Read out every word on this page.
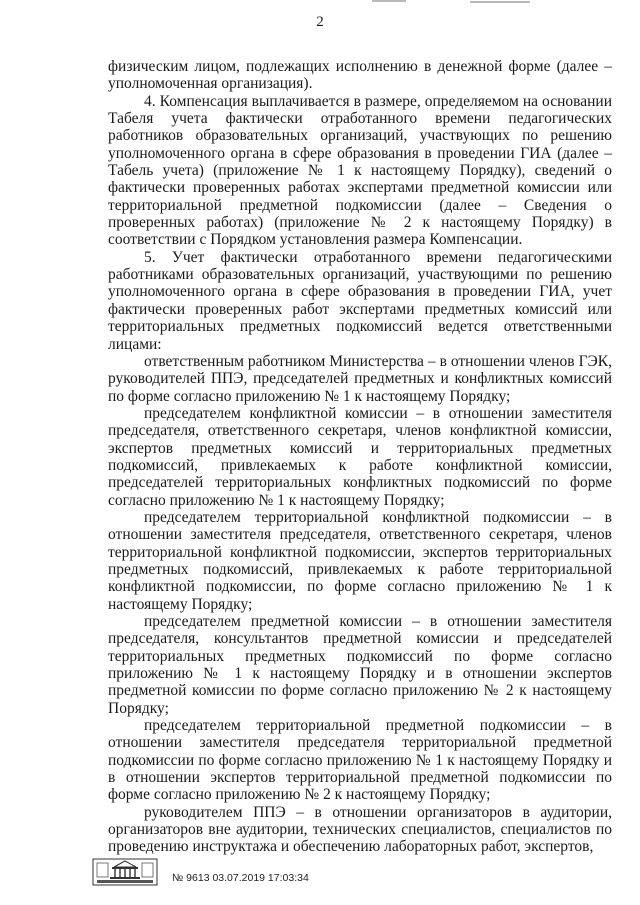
2

физическим лицом, подлежащих исполнению в денежной форме (далее – уполномоченная организация).

4. Компенсация выплачивается в размере, определяемом на основании Табеля учета фактически отработанного времени педагогических работников образовательных организаций, участвующих по решению уполномоченного органа в сфере образования в проведении ГИА (далее – Табель учета) (приложение № 1 к настоящему Порядку), сведений о фактически проверенных работах экспертами предметной комиссии или территориальной предметной подкомиссии (далее – Сведения о проверенных работах) (приложение № 2 к настоящему Порядку) в соответствии с Порядком установления размера Компенсации.

5. Учет фактически отработанного времени педагогическими работниками образовательных организаций, участвующими по решению уполномоченного органа в сфере образования в проведении ГИА, учет фактически проверенных работ экспертами предметных комиссий или территориальных предметных подкомиссий ведется ответственными лицами:

ответственным работником Министерства – в отношении членов ГЭК, руководителей ППЭ, председателей предметных и конфликтных комиссий по форме согласно приложению № 1 к настоящему Порядку;

председателем конфликтной комиссии – в отношении заместителя председателя, ответственного секретаря, членов конфликтной комиссии, экспертов предметных комиссий и территориальных предметных подкомиссий, привлекаемых к работе конфликтной комиссии, председателей территориальных конфликтных подкомиссий по форме согласно приложению № 1 к настоящему Порядку;

председателем территориальной конфликтной подкомиссии – в отношении заместителя председателя, ответственного секретаря, членов территориальной конфликтной подкомиссии, экспертов территориальных предметных подкомиссий, привлекаемых к работе территориальной конфликтной подкомиссии, по форме согласно приложению № 1 к настоящему Порядку;

председателем предметной комиссии – в отношении заместителя председателя, консультантов предметной комиссии и председателей территориальных предметных подкомиссий по форме согласно приложению № 1 к настоящему Порядку и в отношении экспертов предметной комиссии по форме согласно приложению № 2 к настоящему Порядку;

председателем территориальной предметной подкомиссии – в отношении заместителя председателя территориальной предметной подкомиссии по форме согласно приложению № 1 к настоящему Порядку и в отношении экспертов территориальной предметной подкомиссии по форме согласно приложению № 2 к настоящему Порядку;

руководителем ППЭ – в отношении организаторов в аудитории, организаторов вне аудитории, технических специалистов, специалистов по проведению инструктажа и обеспечению лабораторных работ, экспертов,

№ 9613 03.07.2019 17:03:34
